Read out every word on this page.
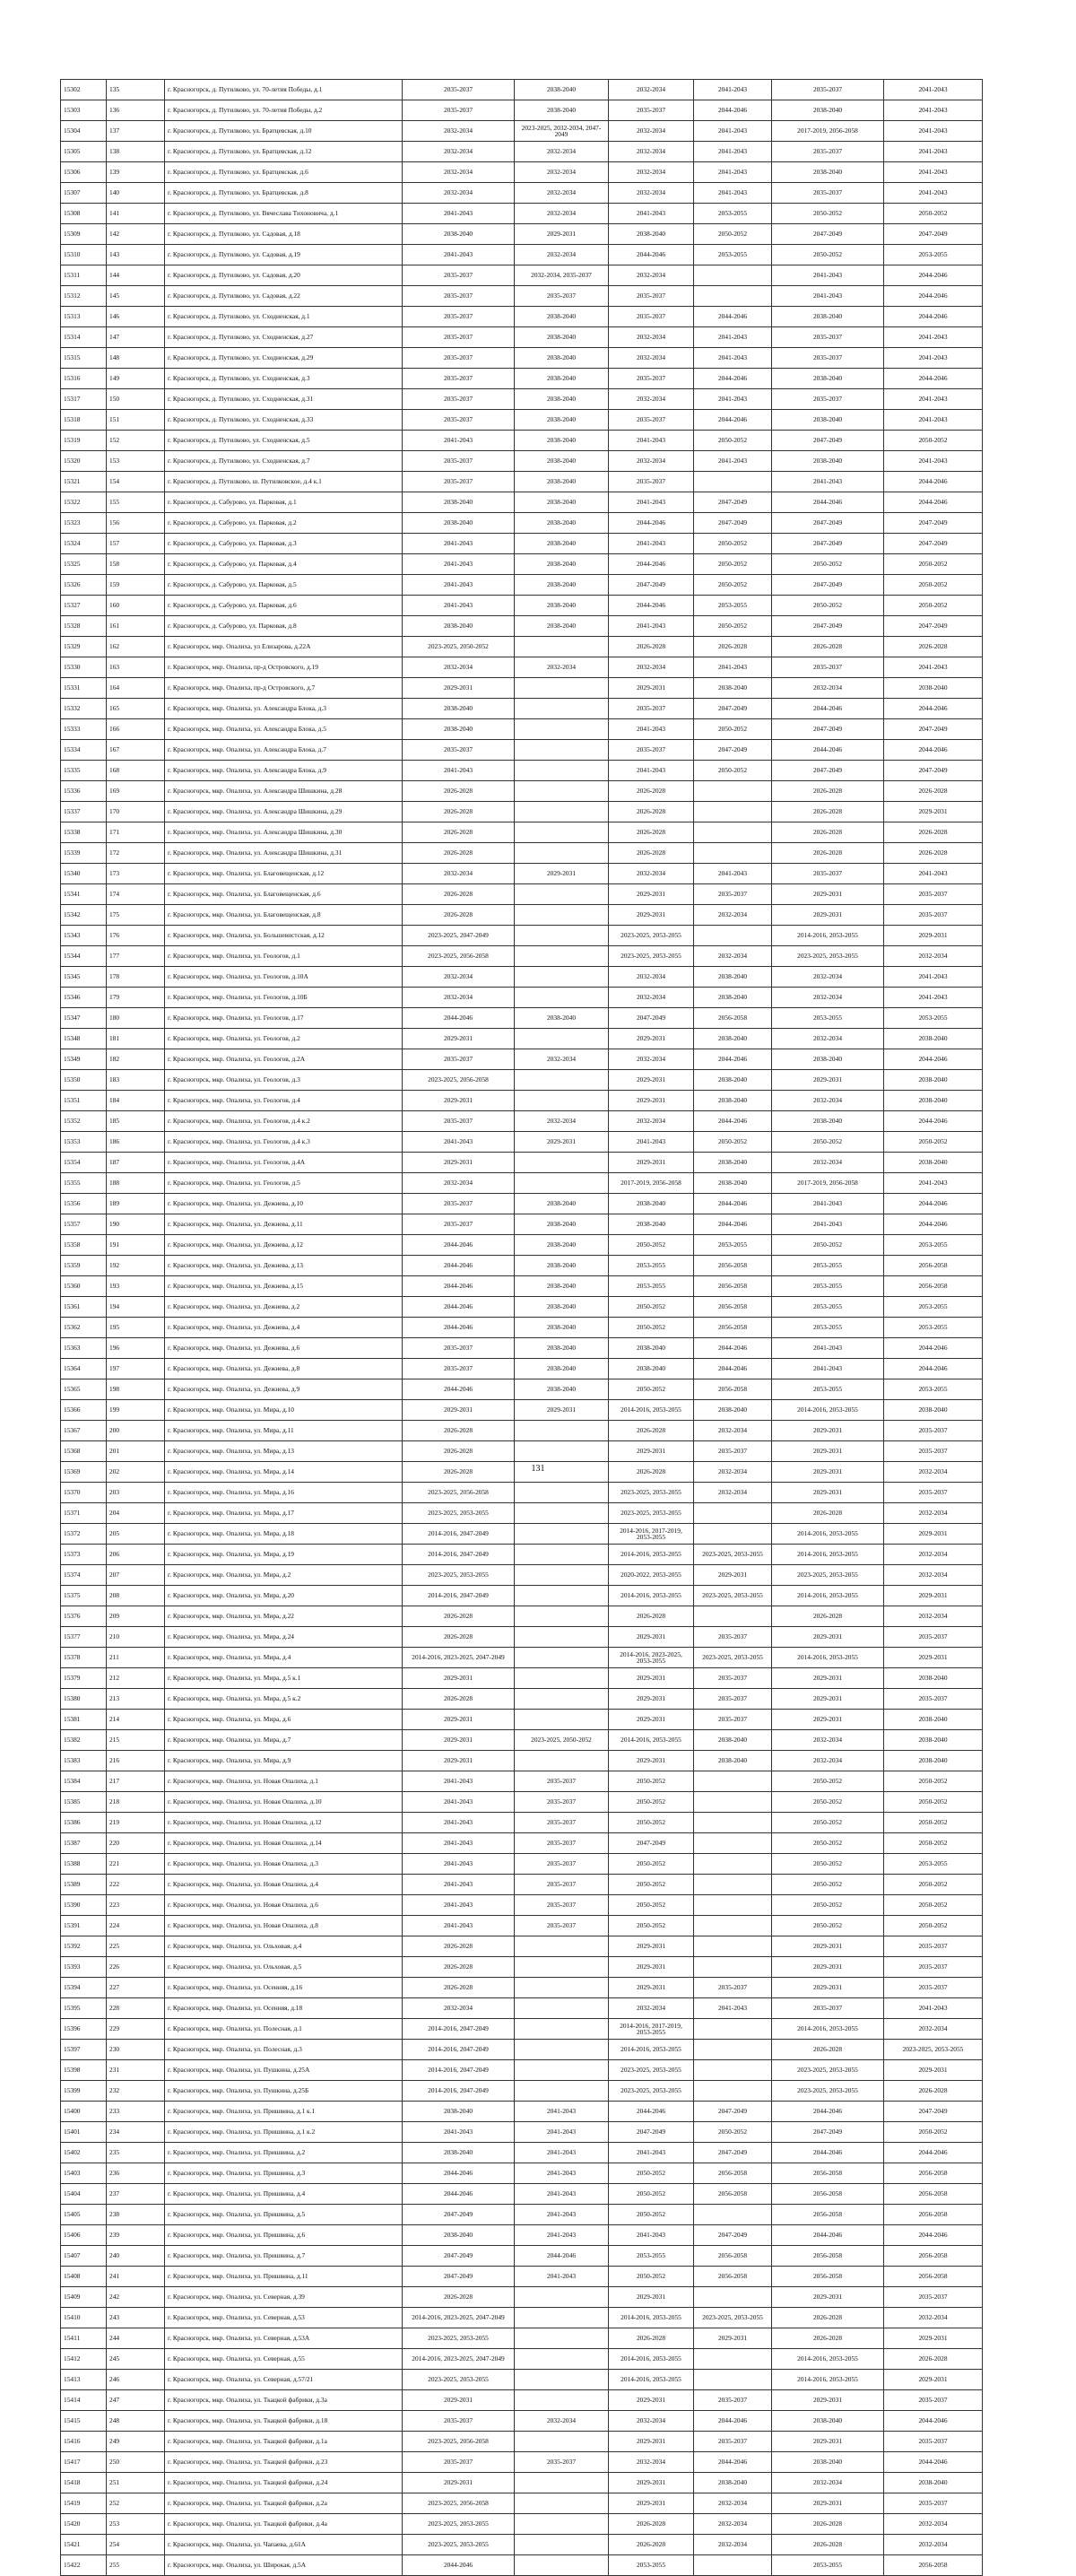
15302	135	г. Красногорск, д. Путилково, ул. 70-летия Победы, д.1	2035-2037	2038-2040	2032-2034	2041-2043	2035-2037	2041-2043
15303	136	г. Красногорск, д. Путилково, ул. 70-летия Победы, д.2	2035-2037	2038-2040	2035-2037	2044-2046	2038-2040	2041-2043
15304	137	г. Красногорск, д. Путилково, ул. Братцевская, д.10	2032-2034	2023-2025, 2032-2034, 2047-2049	2032-2034	2041-2043	2017-2019, 2056-2058	2041-2043
15305	138	г. Красногорск, д. Путилково, ул. Братцевская, д.12	2032-2034	2032-2034	2032-2034	2041-2043	2035-2037	2041-2043
15306	139	г. Красногорск, д. Путилково, ул. Братцевская, д.6	2032-2034	2032-2034	2032-2034	2041-2043	2038-2040	2041-2043
15307	140	г. Красногорск, д. Путилково, ул. Братцевская, д.8	2032-2034	2032-2034	2032-2034	2041-2043	2035-2037	2041-2043
15308	141	г. Красногорск, д. Путилково, ул. Вячеслава Тихоновича, д.1	2041-2043	2032-2034	2041-2043	2053-2055	2050-2052	2050-2052
15309	142	г. Красногорск, д. Путилково, ул. Садовая, д.18	2038-2040	2029-2031	2038-2040	2050-2052	2047-2049	2047-2049
15310	143	г. Красногорск, д. Путилково, ул. Садовая, д.19	2041-2043	2032-2034	2044-2046	2053-2055	2050-2052	2053-2055
15311	144	г. Красногорск, д. Путилково, ул. Садовая, д.20	2035-2037	2032-2034, 2035-2037	2032-2034		2041-2043	2044-2046
15312	145	г. Красногорск, д. Путилково, ул. Садовая, д.22	2035-2037	2035-2037	2035-2037		2041-2043	2044-2046
15313	146	г. Красногорск, д. Путилково, ул. Сходненская, д.1	2035-2037	2038-2040	2035-2037	2044-2046	2038-2040	2044-2046
15314	147	г. Красногорск, д. Путилково, ул. Сходненская, д.27	2035-2037	2038-2040	2032-2034	2041-2043	2035-2037	2041-2043
15315	148	г. Красногорск, д. Путилково, ул. Сходненская, д.29	2035-2037	2038-2040	2032-2034	2041-2043	2035-2037	2041-2043
15316	149	г. Красногорск, д. Путилково, ул. Сходненская, д.3	2035-2037	2038-2040	2035-2037	2044-2046	2038-2040	2044-2046
15317	150	г. Красногорск, д. Путилково, ул. Сходненская, д.31	2035-2037	2038-2040	2032-2034	2041-2043	2035-2037	2041-2043
15318	151	г. Красногорск, д. Путилково, ул. Сходненская, д.33	2035-2037	2038-2040	2035-2037	2044-2046	2038-2040	2041-2043
15319	152	г. Красногорск, д. Путилково, ул. Сходненская, д.5	2041-2043	2038-2040	2041-2043	2050-2052	2047-2049	2050-2052
15320	153	г. Красногорск, д. Путилково, ул. Сходненская, д.7	2035-2037	2038-2040	2032-2034	2041-2043	2038-2040	2041-2043
15321	154	г. Красногорск, д. Путилково, ш. Путилковское, д.4 к.1	2035-2037	2038-2040	2035-2037		2041-2043	2044-2046
15322	155	г. Красногорск, д. Сабурово, ул. Парковая, д.1	2038-2040	2038-2040	2041-2043	2047-2049	2044-2046	2044-2046
15323	156	г. Красногорск, д. Сабурово, ул. Парковая, д.2	2038-2040	2038-2040	2044-2046	2047-2049	2047-2049	2047-2049
15324	157	г. Красногорск, д. Сабурово, ул. Парковая, д.3	2041-2043	2038-2040	2041-2043	2050-2052	2047-2049	2047-2049
15325	158	г. Красногорск, д. Сабурово, ул. Парковая, д.4	2041-2043	2038-2040	2044-2046	2050-2052	2050-2052	2050-2052
15326	159	г. Красногорск, д. Сабурово, ул. Парковая, д.5	2041-2043	2038-2040	2047-2049	2050-2052	2047-2049	2050-2052
15327	160	г. Красногорск, д. Сабурово, ул. Парковая, д.6	2041-2043	2038-2040	2044-2046	2053-2055	2050-2052	2050-2052
15328	161	г. Красногорск, д. Сабурово, ул. Парковая, д.8	2038-2040	2038-2040	2041-2043	2050-2052	2047-2049	2047-2049
15329	162	г. Красногорск, мкр. Опалиха, ул Елизарова, д.22А	2023-2025, 2050-2052		2026-2028	2026-2028	2026-2028	2026-2028
15330	163	г. Красногорск, мкр. Опалиха, пр-д Островского, д.19	2032-2034	2032-2034	2032-2034	2041-2043	2035-2037	2041-2043
15331	164	г. Красногорск, мкр. Опалиха, пр-д Островского, д.7	2029-2031		2029-2031	2038-2040	2032-2034	2038-2040
15332	165	г. Красногорск, мкр. Опалиха, ул. Александра Блока, д.3	2038-2040		2035-2037	2047-2049	2044-2046	2044-2046
15333	166	г. Красногорск, мкр. Опалиха, ул. Александра Блока, д.5	2038-2040		2041-2043	2050-2052	2047-2049	2047-2049
15334	167	г. Красногорск, мкр. Опалиха, ул. Александра Блока, д.7	2035-2037		2035-2037	2047-2049	2044-2046	2044-2046
15335	168	г. Красногорск, мкр. Опалиха, ул. Александра Блока, д.9	2041-2043		2041-2043	2050-2052	2047-2049	2047-2049
15336	169	г. Красногорск, мкр. Опалиха, ул. Александра Шишкина, д.28	2026-2028		2026-2028		2026-2028	2026-2028
15337	170	г. Красногорск, мкр. Опалиха, ул. Александра Шишкина, д.29	2026-2028		2026-2028		2026-2028	2029-2031
15338	171	г. Красногорск, мкр. Опалиха, ул. Александра Шишкина, д.30	2026-2028		2026-2028		2026-2028	2026-2028
15339	172	г. Красногорск, мкр. Опалиха, ул. Александра Шишкина, д.31	2026-2028		2026-2028		2026-2028	2026-2028
15340	173	г. Красногорск, мкр. Опалиха, ул. Благовещенская, д.12	2032-2034	2029-2031	2032-2034	2041-2043	2035-2037	2041-2043
15341	174	г. Красногорск, мкр. Опалиха, ул. Благовещенская, д.6	2026-2028		2029-2031	2035-2037	2029-2031	2035-2037
15342	175	г. Красногорск, мкр. Опалиха, ул. Благовещенская, д.8	2026-2028		2029-2031	2032-2034	2029-2031	2035-2037
15343	176	г. Красногорск, мкр. Опалиха, ул. Большевистская, д.12	2023-2025, 2047-2049		2023-2025, 2053-2055		2014-2016, 2053-2055	2029-2031
15344	177	г. Красногорск, мкр. Опалиха, ул. Геологов, д.1	2023-2025, 2056-2058		2023-2025, 2053-2055	2032-2034	2023-2025, 2053-2055	2032-2034
15345	178	г. Красногорск, мкр. Опалиха, ул. Геологов, д.10А	2032-2034		2032-2034	2038-2040	2032-2034	2041-2043
15346	179	г. Красногорск, мкр. Опалиха, ул. Геологов, д.10Б	2032-2034		2032-2034	2038-2040	2032-2034	2041-2043
15347	180	г. Красногорск, мкр. Опалиха, ул. Геологов, д.17	2044-2046	2038-2040	2047-2049	2056-2058	2053-2055	2053-2055
15348	181	г. Красногорск, мкр. Опалиха, ул. Геологов, д.2	2029-2031		2029-2031	2038-2040	2032-2034	2038-2040
15349	182	г. Красногорск, мкр. Опалиха, ул. Геологов, д.2А	2035-2037	2032-2034	2032-2034	2044-2046	2038-2040	2044-2046
15350	183	г. Красногорск, мкр. Опалиха, ул. Геологов, д.3	2023-2025, 2056-2058		2029-2031	2038-2040	2029-2031	2038-2040
15351	184	г. Красногорск, мкр. Опалиха, ул. Геологов, д.4	2029-2031		2029-2031	2038-2040	2032-2034	2038-2040
15352	185	г. Красногорск, мкр. Опалиха, ул. Геологов, д.4 к.2	2035-2037	2032-2034	2032-2034	2044-2046	2038-2040	2044-2046
15353	186	г. Красногорск, мкр. Опалиха, ул. Геологов, д.4 к.3	2041-2043	2029-2031	2041-2043	2050-2052	2050-2052	2050-2052
15354	187	г. Красногорск, мкр. Опалиха, ул. Геологов, д.4А	2029-2031		2029-2031	2038-2040	2032-2034	2038-2040
15355	188	г. Красногорск, мкр. Опалиха, ул. Геологов, д.5	2032-2034		2017-2019, 2056-2058	2038-2040	2017-2019, 2056-2058	2041-2043
15356	189	г. Красногорск, мкр. Опалиха, ул. Дежнева, д.10	2035-2037	2038-2040	2038-2040	2044-2046	2041-2043	2044-2046
15357	190	г. Красногорск, мкр. Опалиха, ул. Дежнева, д.11	2035-2037	2038-2040	2038-2040	2044-2046	2041-2043	2044-2046
15358	191	г. Красногорск, мкр. Опалиха, ул. Дежнева, д.12	2044-2046	2038-2040	2050-2052	2053-2055	2050-2052	2053-2055
15359	192	г. Красногорск, мкр. Опалиха, ул. Дежнева, д.13	2044-2046	2038-2040	2053-2055	2056-2058	2053-2055	2056-2058
15360	193	г. Красногорск, мкр. Опалиха, ул. Дежнева, д.15	2044-2046	2038-2040	2053-2055	2056-2058	2053-2055	2056-2058
15361	194	г. Красногорск, мкр. Опалиха, ул. Дежнева, д.2	2044-2046	2038-2040	2050-2052	2056-2058	2053-2055	2053-2055
15362	195	г. Красногорск, мкр. Опалиха, ул. Дежнева, д.4	2044-2046	2038-2040	2050-2052	2056-2058	2053-2055	2053-2055
15363	196	г. Красногорск, мкр. Опалиха, ул. Дежнева, д.6	2035-2037	2038-2040	2038-2040	2044-2046	2041-2043	2044-2046
15364	197	г. Красногорск, мкр. Опалиха, ул. Дежнева, д.8	2035-2037	2038-2040	2038-2040	2044-2046	2041-2043	2044-2046
15365	198	г. Красногорск, мкр. Опалиха, ул. Дежнева, д.9	2044-2046	2038-2040	2050-2052	2056-2058	2053-2055	2053-2055
15366	199	г. Красногорск, мкр. Опалиха, ул. Мира, д.10	2029-2031	2029-2031	2014-2016, 2053-2055	2038-2040	2014-2016, 2053-2055	2038-2040
15367	200	г. Красногорск, мкр. Опалиха, ул. Мира, д.11	2026-2028		2026-2028	2032-2034	2029-2031	2035-2037
15368	201	г. Красногорск, мкр. Опалиха, ул. Мира, д.13	2026-2028		2029-2031	2035-2037	2029-2031	2035-2037
15369	202	г. Красногорск, мкр. Опалиха, ул. Мира, д.14	2026-2028		2026-2028	2032-2034	2029-2031	2032-2034
15370	203	г. Красногорск, мкр. Опалиха, ул. Мира, д.16	2023-2025, 2056-2058		2023-2025, 2053-2055	2032-2034	2029-2031	2035-2037
15371	204	г. Красногорск, мкр. Опалиха, ул. Мира, д.17	2023-2025, 2053-2055		2023-2025, 2053-2055		2026-2028	2032-2034
15372	205	г. Красногорск, мкр. Опалиха, ул. Мира, д.18	2014-2016, 2047-2049		2014-2016, 2017-2019, 2053-2055		2014-2016, 2053-2055	2029-2031
15373	206	г. Красногорск, мкр. Опалиха, ул. Мира, д.19	2014-2016, 2047-2049		2014-2016, 2053-2055	2023-2025, 2053-2055	2014-2016, 2053-2055	2032-2034
15374	207	г. Красногорск, мкр. Опалиха, ул. Мира, д.2	2023-2025, 2053-2055		2020-2022, 2053-2055	2029-2031	2023-2025, 2053-2055	2032-2034
15375	208	г. Красногорск, мкр. Опалиха, ул. Мира, д.20	2014-2016, 2047-2049		2014-2016, 2053-2055	2023-2025, 2053-2055	2014-2016, 2053-2055	2029-2031
15376	209	г. Красногорск, мкр. Опалиха, ул. Мира, д.22	2026-2028		2026-2028		2026-2028	2032-2034
15377	210	г. Красногорск, мкр. Опалиха, ул. Мира, д.24	2026-2028		2029-2031	2035-2037	2029-2031	2035-2037
15378	211	г. Красногорск, мкр. Опалиха, ул. Мира, д.4	2014-2016, 2023-2025, 2047-2049		2014-2016, 2023-2025, 2053-2055	2023-2025, 2053-2055	2014-2016, 2053-2055	2029-2031
15379	212	г. Красногорск, мкр. Опалиха, ул. Мира, д.5 к.1	2029-2031		2029-2031	2035-2037	2029-2031	2038-2040
15380	213	г. Красногорск, мкр. Опалиха, ул. Мира, д.5 к.2	2026-2028		2029-2031	2035-2037	2029-2031	2035-2037
15381	214	г. Красногорск, мкр. Опалиха, ул. Мира, д.6	2029-2031		2029-2031	2035-2037	2029-2031	2038-2040
15382	215	г. Красногорск, мкр. Опалиха, ул. Мира, д.7	2029-2031	2023-2025, 2050-2052	2014-2016, 2053-2055	2038-2040	2032-2034	2038-2040
15383	216	г. Красногорск, мкр. Опалиха, ул. Мира, д.9	2029-2031		2029-2031	2038-2040	2032-2034	2038-2040
15384	217	г. Красногорск, мкр. Опалиха, ул. Новая Опалиха, д.1	2041-2043	2035-2037	2050-2052		2050-2052	2050-2052
15385	218	г. Красногорск, мкр. Опалиха, ул. Новая Опалиха, д.10	2041-2043	2035-2037	2050-2052		2050-2052	2050-2052
15386	219	г. Красногорск, мкр. Опалиха, ул. Новая Опалиха, д.12	2041-2043	2035-2037	2050-2052		2050-2052	2050-2052
15387	220	г. Красногорск, мкр. Опалиха, ул. Новая Опалиха, д.14	2041-2043	2035-2037	2047-2049		2050-2052	2050-2052
15388	221	г. Красногорск, мкр. Опалиха, ул. Новая Опалиха, д.3	2041-2043	2035-2037	2050-2052		2050-2052	2053-2055
15389	222	г. Красногорск, мкр. Опалиха, ул. Новая Опалиха, д.4	2041-2043	2035-2037	2050-2052		2050-2052	2050-2052
15390	223	г. Красногорск, мкр. Опалиха, ул. Новая Опалиха, д.6	2041-2043	2035-2037	2050-2052		2050-2052	2050-2052
15391	224	г. Красногорск, мкр. Опалиха, ул. Новая Опалиха, д.8	2041-2043	2035-2037	2050-2052		2050-2052	2050-2052
15392	225	г. Красногорск, мкр. Опалиха, ул. Ольховая, д.4	2026-2028		2029-2031		2029-2031	2035-2037
15393	226	г. Красногорск, мкр. Опалиха, ул. Ольховая, д.5	2026-2028		2029-2031		2029-2031	2035-2037
15394	227	г. Красногорск, мкр. Опалиха, ул. Осенняя, д.16	2026-2028		2029-2031	2035-2037	2029-2031	2035-2037
15395	228	г. Красногорск, мкр. Опалиха, ул. Осенняя, д.18	2032-2034		2032-2034	2041-2043	2035-2037	2041-2043
15396	229	г. Красногорск, мкр. Опалиха, ул. Полесная, д.1	2014-2016, 2047-2049		2014-2016, 2017-2019, 2053-2055		2014-2016, 2053-2055	2032-2034
15397	230	г. Красногорск, мкр. Опалиха, ул. Полесная, д.3	2014-2016, 2047-2049		2014-2016, 2053-2055		2026-2028	2023-2025, 2053-2055
15398	231	г. Красногорск, мкр. Опалиха, ул. Пушкина, д.25А	2014-2016, 2047-2049		2023-2025, 2053-2055		2023-2025, 2053-2055	2029-2031
15399	232	г. Красногорск, мкр. Опалиха, ул. Пушкина, д.25Б	2014-2016, 2047-2049		2023-2025, 2053-2055		2023-2025, 2053-2055	2026-2028
15400	233	г. Красногорск, мкр. Опалиха, ул. Пришвина, д.1 к.1	2038-2040	2041-2043	2044-2046	2047-2049	2044-2046	2047-2049
15401	234	г. Красногорск, мкр. Опалиха, ул. Пришвина, д.1 к.2	2041-2043	2041-2043	2047-2049	2050-2052	2047-2049	2050-2052
15402	235	г. Красногорск, мкр. Опалиха, ул. Пришвина, д.2	2038-2040	2041-2043	2041-2043	2047-2049	2044-2046	2044-2046
15403	236	г. Красногорск, мкр. Опалиха, ул. Пришвина, д.3	2044-2046	2041-2043	2050-2052	2056-2058	2056-2058	2056-2058
15404	237	г. Красногорск, мкр. Опалиха, ул. Пришвина, д.4	2044-2046	2041-2043	2050-2052	2056-2058	2056-2058	2056-2058
15405	238	г. Красногорск, мкр. Опалиха, ул. Пришвина, д.5	2047-2049	2041-2043	2050-2052		2056-2058	2056-2058
15406	239	г. Красногорск, мкр. Опалиха, ул. Пришвина, д.6	2038-2040	2041-2043	2041-2043	2047-2049	2044-2046	2044-2046
15407	240	г. Красногорск, мкр. Опалиха, ул. Пришвина, д.7	2047-2049	2044-2046	2053-2055	2056-2058	2056-2058	2056-2058
15408	241	г. Красногорск, мкр. Опалиха, ул. Пришвина, д.11	2047-2049	2041-2043	2050-2052	2056-2058	2056-2058	2056-2058
15409	242	г. Красногорск, мкр. Опалиха, ул. Северная, д.39	2026-2028		2029-2031		2029-2031	2035-2037
15410	243	г. Красногорск, мкр. Опалиха, ул. Северная, д.53	2014-2016, 2023-2025, 2047-2049		2014-2016, 2053-2055	2023-2025, 2053-2055	2026-2028	2032-2034
15411	244	г. Красногорск, мкр. Опалиха, ул. Северная, д.53А	2023-2025, 2053-2055		2026-2028	2029-2031	2026-2028	2029-2031
15412	245	г. Красногорск, мкр. Опалиха, ул. Северная, д.55	2014-2016, 2023-2025, 2047-2049		2014-2016, 2053-2055		2014-2016, 2053-2055	2026-2028
15413	246	г. Красногорск, мкр. Опалиха, ул. Северная, д.57/21	2023-2025, 2053-2055		2014-2016, 2053-2055		2014-2016, 2053-2055	2029-2031
15414	247	г. Красногорск, мкр. Опалиха, ул. Ткацкой фабрики, д.3а	2029-2031		2029-2031	2035-2037	2029-2031	2035-2037
15415	248	г. Красногорск, мкр. Опалиха, ул. Ткацкой фабрики, д.18	2035-2037	2032-2034	2032-2034	2044-2046	2038-2040	2044-2046
15416	249	г. Красногорск, мкр. Опалиха, ул. Ткацкой фабрики, д.1а	2023-2025, 2056-2058		2029-2031	2035-2037	2029-2031	2035-2037
15417	250	г. Красногорск, мкр. Опалиха, ул. Ткацкой фабрики, д.23	2035-2037	2035-2037	2032-2034	2044-2046	2038-2040	2044-2046
15418	251	г. Красногорск, мкр. Опалиха, ул. Ткацкой фабрики, д.24	2029-2031		2029-2031	2038-2040	2032-2034	2038-2040
15419	252	г. Красногорск, мкр. Опалиха, ул. Ткацкой фабрики, д.2а	2023-2025, 2056-2058		2029-2031	2032-2034	2029-2031	2035-2037
15420	253	г. Красногорск, мкр. Опалиха, ул. Ткацкой фабрики, д.4а	2023-2025, 2053-2055		2026-2028	2032-2034	2026-2028	2032-2034
15421	254	г. Красногорск, мкр. Опалиха, ул. Чапаева, д.61А	2023-2025, 2053-2055		2026-2028	2032-2034	2026-2028	2032-2034
15422	255	г. Красногорск, мкр. Опалиха, ул. Широкая, д.5А	2044-2046		2053-2055		2053-2055	2056-2058
131
